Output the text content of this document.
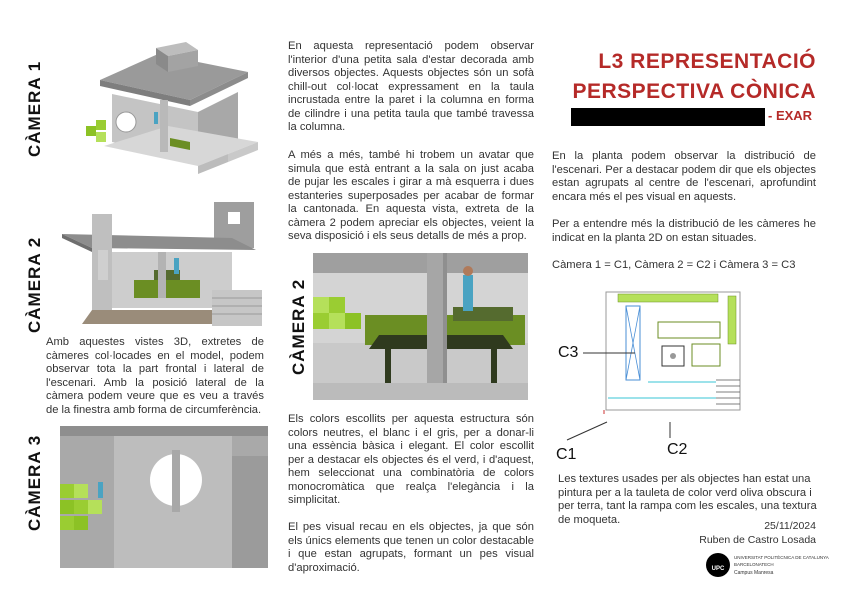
CÀMERA 1
CÀMERA 2
CÀMERA 3
Amb aquestes vistes 3D, extretes de càmeres col·locades en el model, podem observar tota la part frontal i lateral de l'escenari. Amb la posició lateral de la càmera podem veure que es veu a través de la finestra amb forma de circumferència.
En aquesta representació podem observar l'interior d'una petita sala d'estar decorada amb diversos objectes. Aquests objectes són un sofà chill-out col·locat expressament en la taula incrustada entre la paret i la columna en forma de cilindre i una petita taula que també travessa la columna.
A més a més, també hi trobem un avatar que simula que està entrant a la sala on just acaba de pujar les escales i girar a mà esquerra i dues estanteries superposades per acabar de formar la cantonada. En aquesta vista, extreta de la càmera 2 podem apreciar els objectes, veient la seva disposició i els seus detalls de més a prop.
CÀMERA 2
Els colors escollits per aquesta estructura són colors neutres, el blanc i el gris, per a donar-li una essència bàsica i elegant. El color escollit per a destacar els objectes és el verd, i d'aquest, hem seleccionat una combinatòria de colors monocromàtica que realça l'elegància i la simplicitat.
El pes visual recau en els objectes, ja que són els únics elements que tenen un color destacable i que estan agrupats, formant un pes visual d'aproximació.
L3 REPRESENTACIÓ
PERSPECTIVA CÒNICA
- EXAR
En la planta podem observar la distribució de l'escenari. Per a destacar podem dir que els objectes estan agrupats al centre de l'escenari, aprofundint encara més el pes visual en aquests.
Per a entendre més la distribució de les càmeres he indicat en la planta 2D on estan situades.
Càmera 1 = C1, Càmera 2 = C2 i Càmera 3 = C3
C3
C1	C2
Les textures usades per als objectes han estat una pintura per a la tauleta de color verd oliva obscura i per terra, tant la rampa com les escales, una textura de moqueta.
25/11/2024
Ruben de Castro Losada
UPC
UNIVERSITAT POLITÈCNICA DE CATALUNYA
BARCELONATECH
Campus Manresa
